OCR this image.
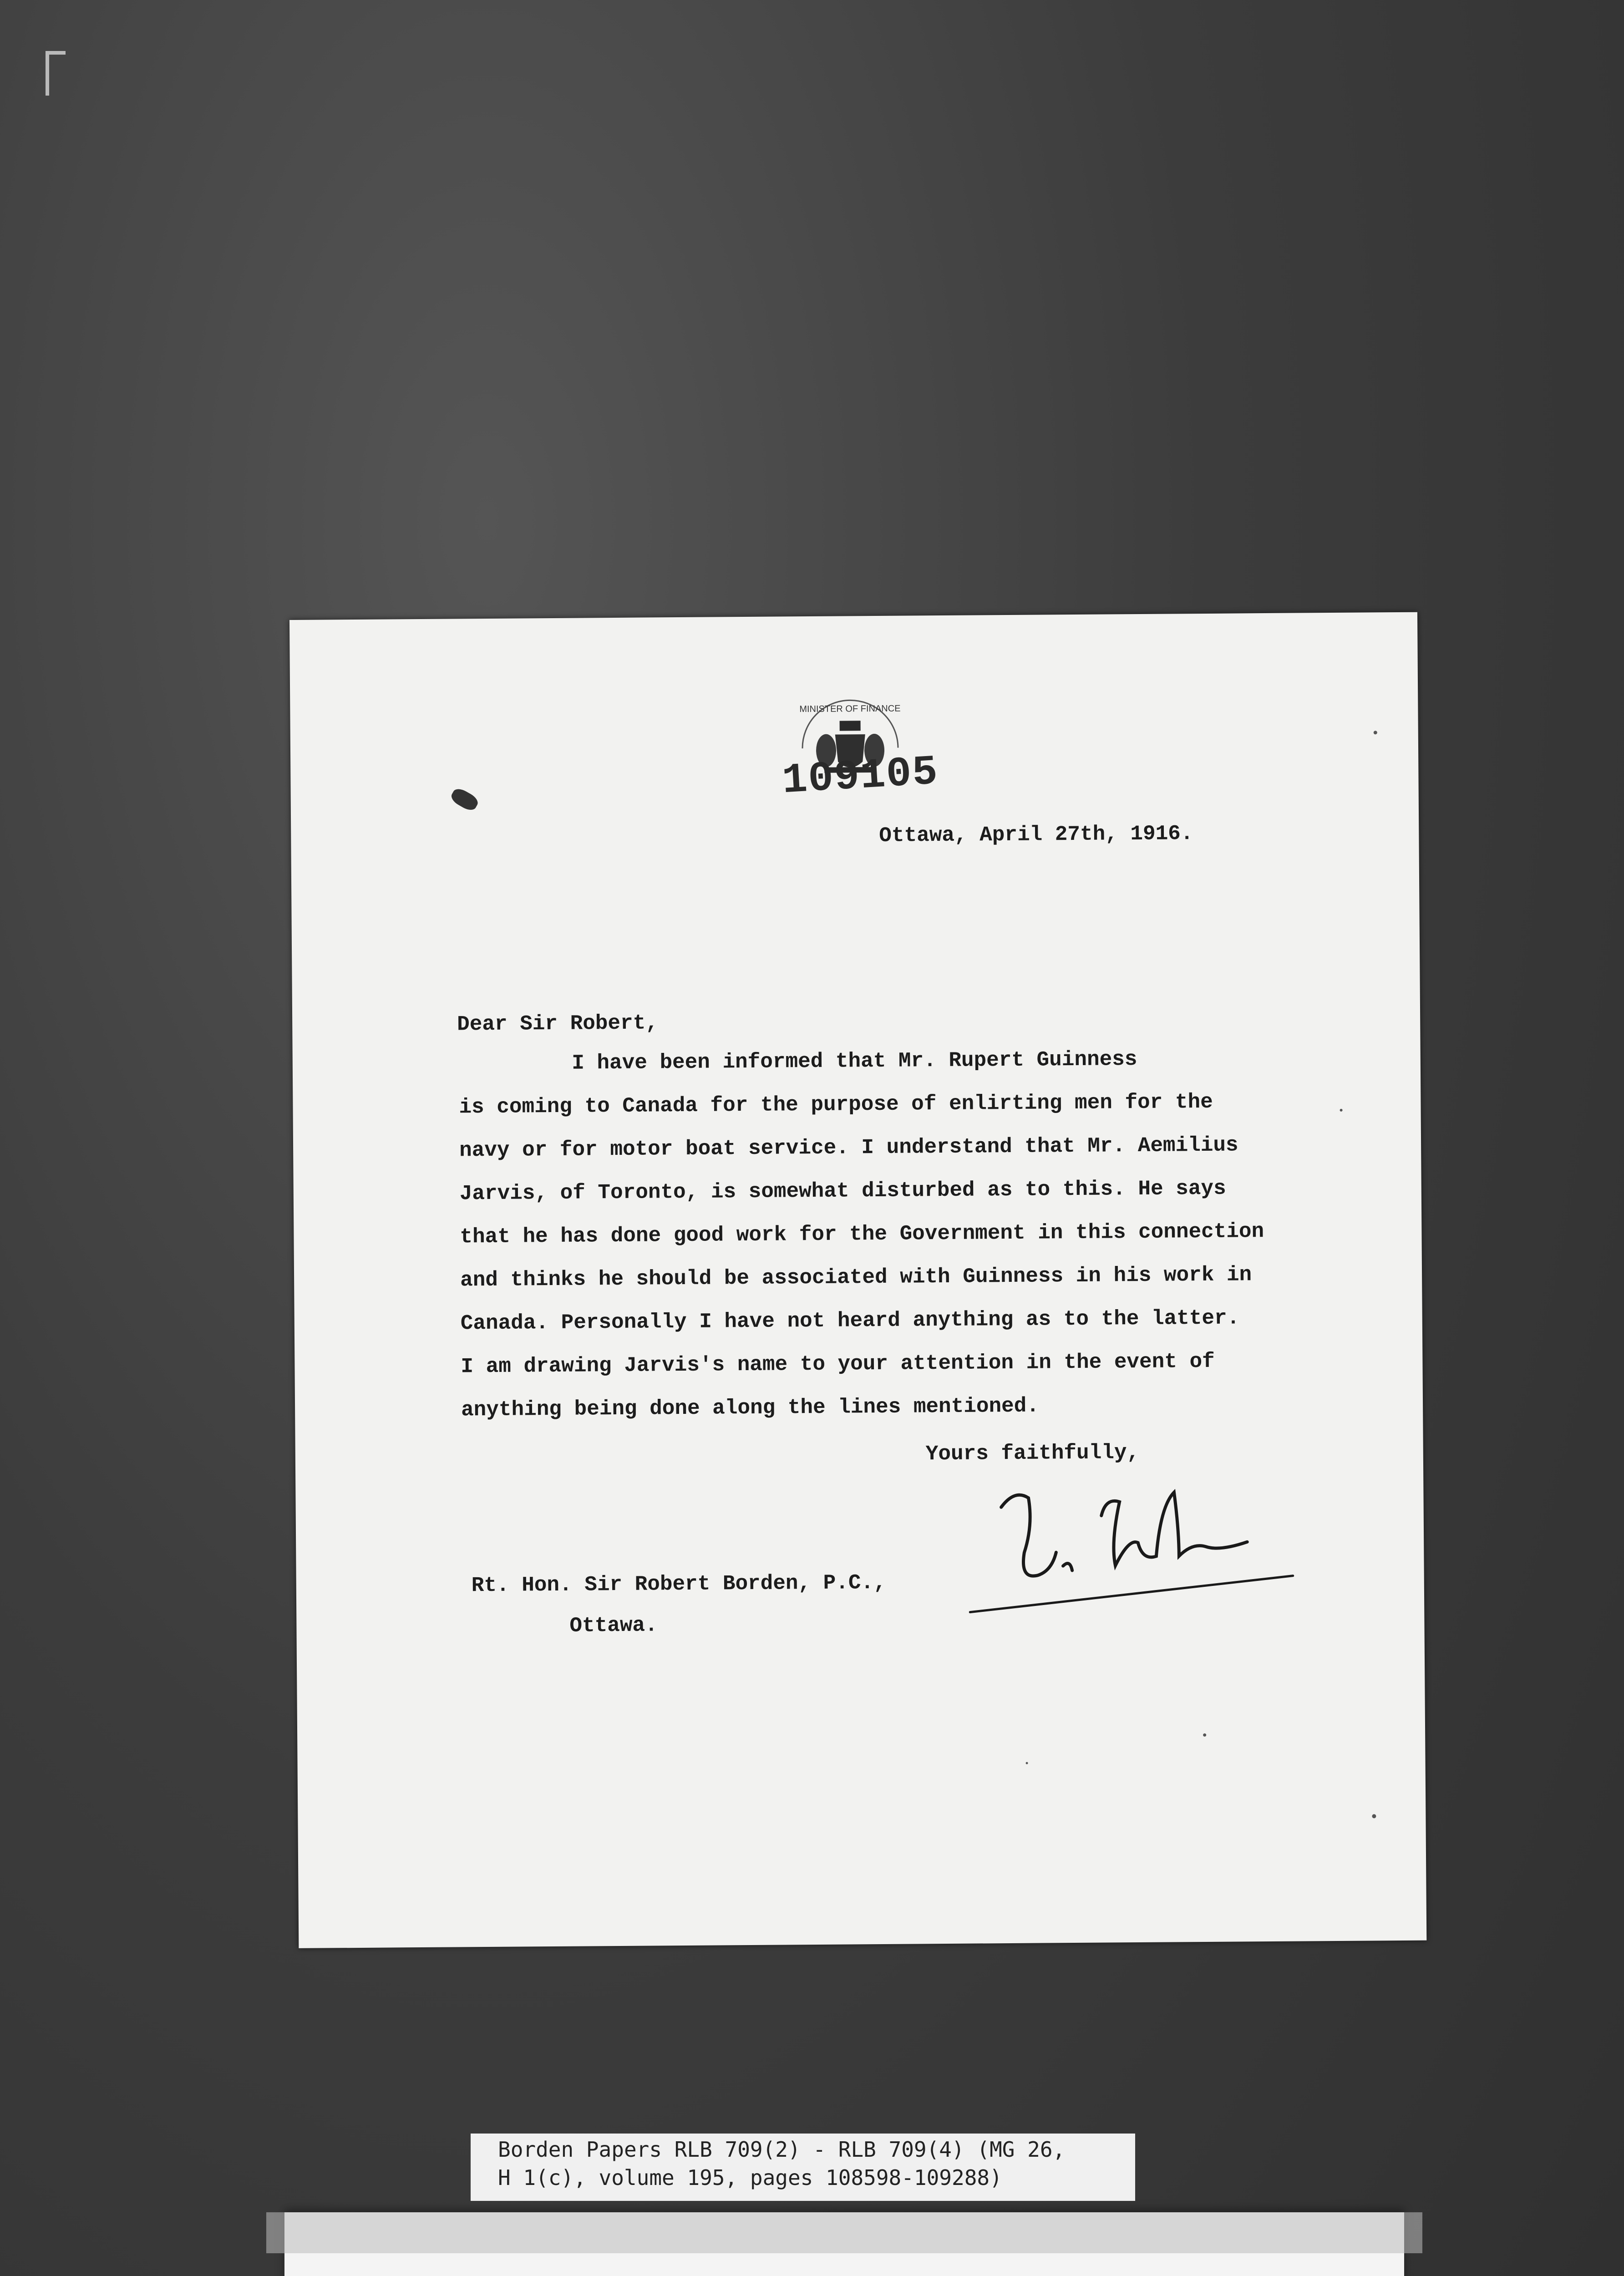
MINISTER OF FINANCE
109105
Ottawa, April 27th, 1916.
Dear Sir Robert,
I have been informed that Mr. Rupert Guinness
is coming to Canada for the purpose of enlirting men for the
navy or for motor boat service. I understand that Mr. Aemilius
Jarvis, of Toronto, is somewhat disturbed as to this. He says
that he has done good work for the Government in this connection
and thinks he should be associated with Guinness in his work in
Canada. Personally I have not heard anything as to the latter.
I am drawing Jarvis's name to your attention in the event of
anything being done along the lines mentioned.
Yours faithfully,
Rt. Hon. Sir Robert Borden, P.C.,
Ottawa.
Borden Papers RLB 709(2) - RLB 709(4) (MG 26,
H 1(c), volume 195, pages 108598-109288)
